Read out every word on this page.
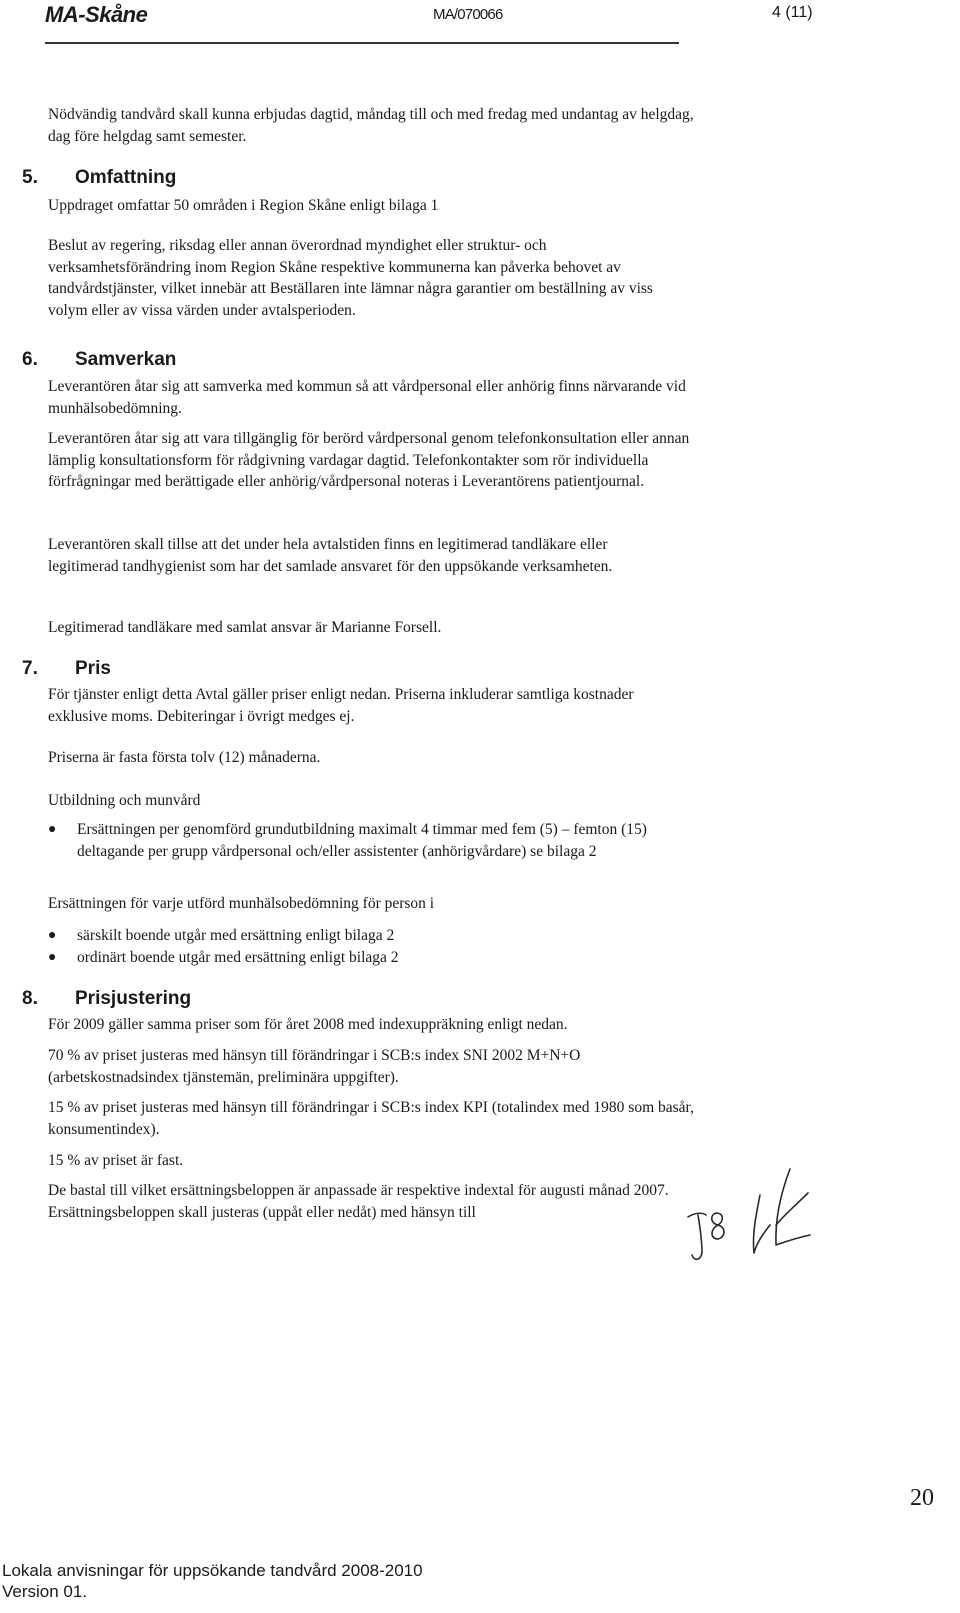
MA-Skåne	MA/070066	4 (11)
Nödvändig tandvård skall kunna erbjudas dagtid, måndag till och med fredag med undantag av helgdag, dag före helgdag samt semester.
5. Omfattning
Uppdraget omfattar 50 områden i Region Skåne enligt bilaga 1
Beslut av regering, riksdag eller annan överordnad myndighet eller struktur- och verksamhetsförändring inom Region Skåne respektive kommunerna kan påverka behovet av tandvårdstjänster, vilket innebär att Beställaren inte lämnar några garantier om beställning av viss volym eller av vissa värden under avtalsperioden.
6. Samverkan
Leverantören åtar sig att samverka med kommun så att vårdpersonal eller anhörig finns närvarande vid munhälsobedömning.
Leverantören åtar sig att vara tillgänglig för berörd vårdpersonal genom telefonkonsultation eller annan lämplig konsultationsform för rådgivning vardagar dagtid. Telefonkontakter som rör individuella förfrågningar med berättigade eller anhörig/vårdpersonal noteras i Leverantörens patientjournal.
Leverantören skall tillse att det under hela avtalstiden finns en legitimerad tandläkare eller legitimerad tandhygienist som har det samlade ansvaret för den uppsökande verksamheten.
Legitimerad tandläkare med samlat ansvar är Marianne Forsell.
7. Pris
För tjänster enligt detta Avtal gäller priser enligt nedan. Priserna inkluderar samtliga kostnader exklusive moms. Debiteringar i övrigt medges ej.
Priserna är fasta första tolv (12) månaderna.
Utbildning och munvård
● Ersättningen per genomförd grundutbildning maximalt 4 timmar med fem (5) – femton (15) deltagande per grupp vårdpersonal och/eller assistenter (anhörigvårdare) se bilaga 2
Ersättningen för varje utförd munhälsobedömning för person i
● särskilt boende utgår med ersättning enligt bilaga 2
● ordinärt boende utgår med ersättning enligt bilaga 2
8. Prisjustering
För 2009 gäller samma priser som för året 2008 med indexuppräkning enligt nedan.
70 % av priset justeras med hänsyn till förändringar i SCB:s index SNI 2002 M+N+O (arbetskostnadsindex tjänstemän, preliminära uppgifter).
15 % av priset justeras med hänsyn till förändringar i SCB:s index KPI (totalindex med 1980 som basår, konsumentindex).
15 % av priset är fast.
De bastal till vilket ersättningsbeloppen är anpassade är respektive indextal för augusti månad 2007. Ersättningsbeloppen skall justeras (uppåt eller nedåt) med hänsyn till
20
Lokala anvisningar för uppsökande tandvård 2008-2010
Version 01.
